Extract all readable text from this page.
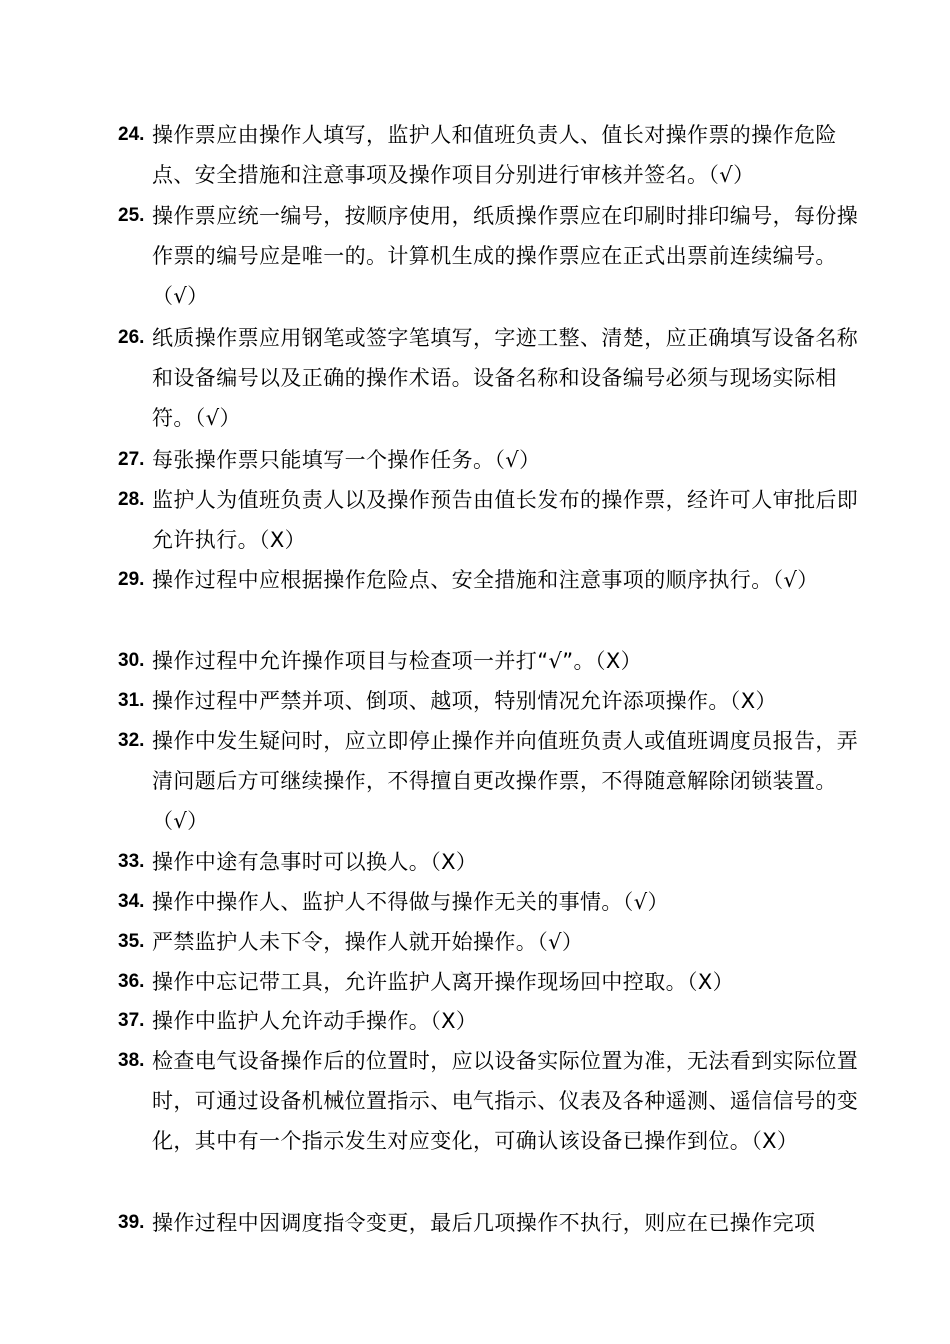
24. 操作票应由操作人填写，监护人和值班负责人、值长对操作票的操作危险点、安全措施和注意事项及操作项目分别进行审核并签名。（√）
25. 操作票应统一编号，按顺序使用，纸质操作票应在印刷时排印编号，每份操作票的编号应是唯一的。计算机生成的操作票应在正式出票前连续编号。（√）
26. 纸质操作票应用钢笔或签字笔填写，字迹工整、清楚，应正确填写设备名称和设备编号以及正确的操作术语。设备名称和设备编号必须与现场实际相符。（√）
27. 每张操作票只能填写一个操作任务。（√）
28. 监护人为值班负责人以及操作预告由值长发布的操作票，经许可人审批后即允许执行。（X）
29. 操作过程中应根据操作危险点、安全措施和注意事项的顺序执行。（√）
30. 操作过程中允许操作项目与检查项一并打“√”。（X）
31. 操作过程中严禁并项、倒项、越项，特别情况允许添项操作。（X）
32. 操作中发生疑问时，应立即停止操作并向值班负责人或值班调度员报告，弄清问题后方可继续操作，不得擅自更改操作票，不得随意解除闭锁装置。（√）
33. 操作中途有急事时可以换人。（X）
34. 操作中操作人、监护人不得做与操作无关的事情。（√）
35. 严禁监护人未下令，操作人就开始操作。（√）
36. 操作中忘记带工具，允许监护人离开操作现场回中控取。（X）
37. 操作中监护人允许动手操作。（X）
38. 检查电气设备操作后的位置时，应以设备实际位置为准，无法看到实际位置时，可通过设备机械位置指示、电气指示、仪表及各种遥测、遥信信号的变化，其中有一个指示发生对应变化，可确认该设备已操作到位。（X）
39. 操作过程中因调度指令变更，最后几项操作不执行，则应在已操作完项
